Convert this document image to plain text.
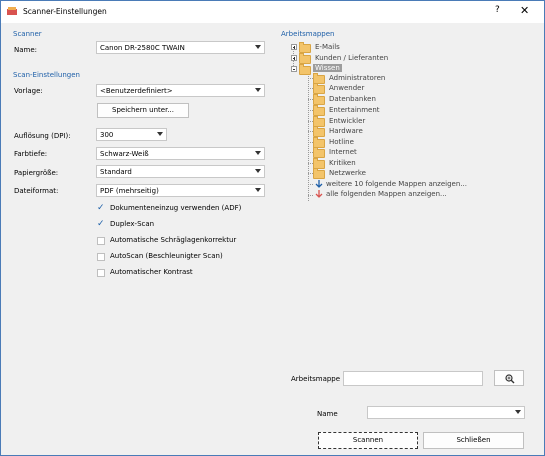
Scanner-Einstellungen	? ✕
Scanner
Name:	Canon DR-2580C TWAIN
Scan-Einstellungen
Vorlage:	<Benutzerdefiniert>
Speichern unter...
Auflösung (DPI):	300
Farbtiefe:	Schwarz-Weiß
Papiergröße:	Standard
Dateiformat:	PDF (mehrseitig)
✓ Dokumenteneinzug verwenden (ADF)
✓ Duplex-Scan
Automatische Schräglagenkorrektur
AutoScan (Beschleunigter Scan)
Automatischer Kontrast
Arbeitsmappen
E-Mails
Kunden / Lieferanten
Wissen
Administratoren
Anwender
Datenbanken
Entertainment
Entwickler
Hardware
Hotline
Internet
Kritiken
Netzwerke
weitere 10 folgende Mappen anzeigen...
alle folgenden Mappen anzeigen...
Arbeitsmappe
Name
Scannen	Schließen
